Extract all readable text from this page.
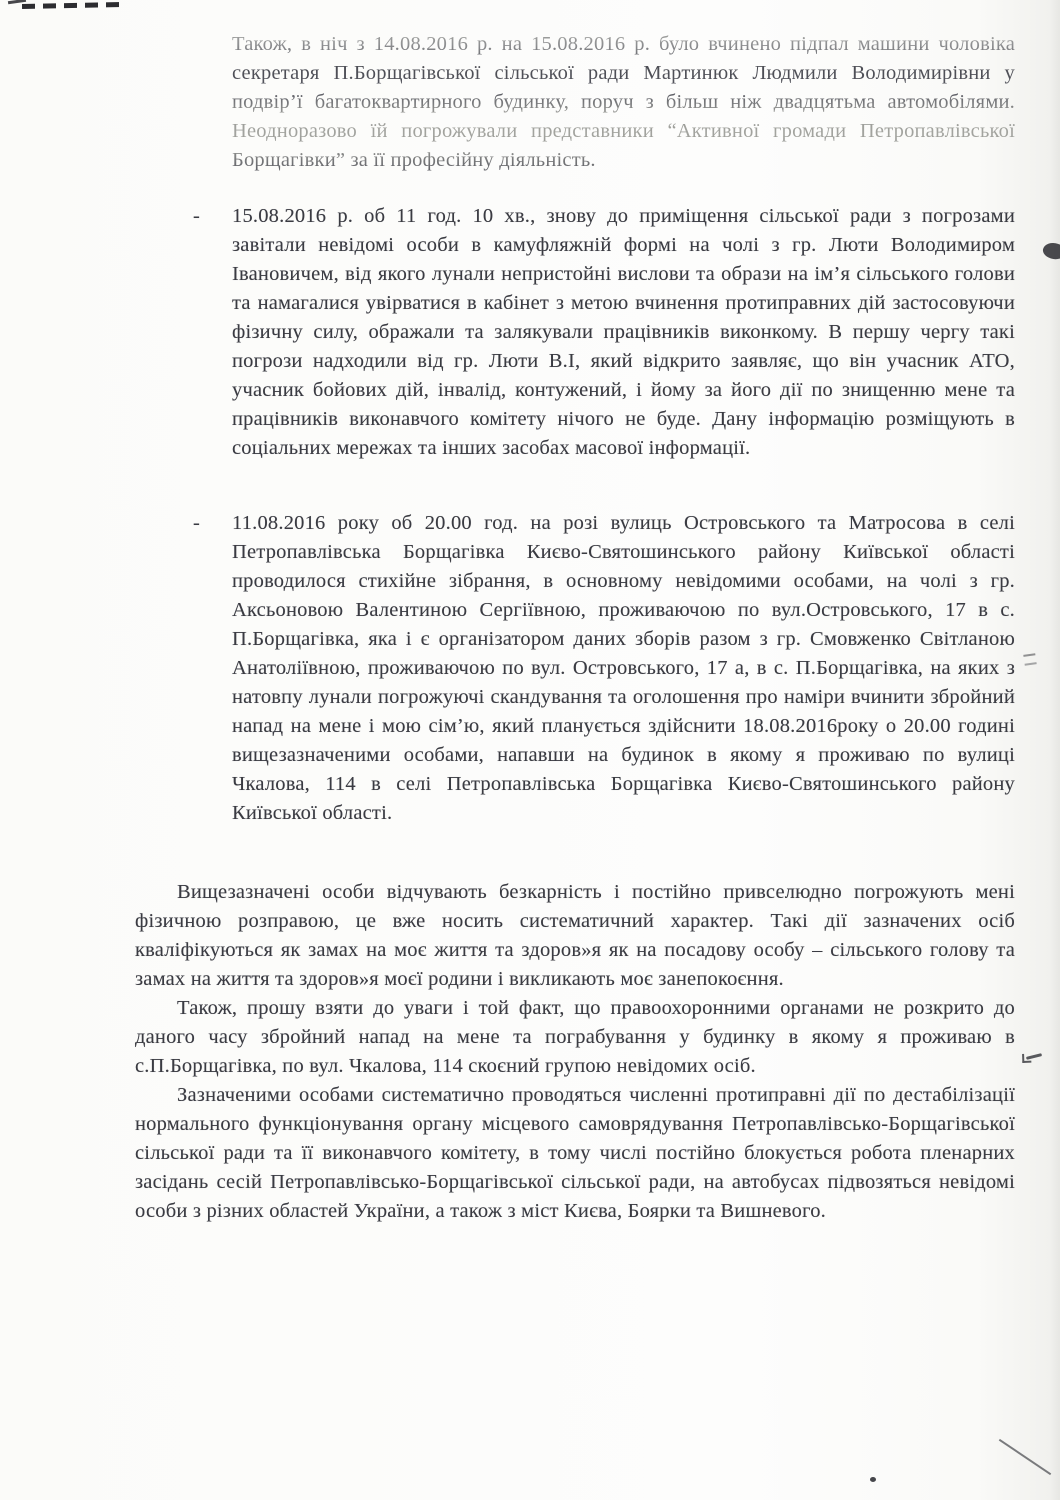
- Також, в ніч з 14.08.2016 р. на 15.08.2016 р. було вчинено підпал машини чоловіка секретаря П.Борщагівської сільської ради Мартинюк Людмили Володимирівни у подвір’ї багатоквартирного будинку, поруч з більш ніж двадцятьма автомобілями. Неодноразово їй погрожували представники “Активної громади Петропавлівської Борщагівки” за її професійну діяльність.
- 15.08.2016 р. об 11 год. 10 хв., знову до приміщення сільської ради з погрозами завітали невідомі особи в камуфляжній формі на чолі з гр. Люти Володимиром Івановичем, від якого лунали непристойні вислови та образи на ім’я сільського голови та намагалися увірватися в кабінет з метою вчинення протиправних дій застосовуючи фізичну силу, ображали та залякували працівників виконкому. В першу чергу такі погрози надходили від гр. Люти В.І, який відкрито заявляє, що він учасник АТО, учасник бойових дій, інвалід, контужений, і йому за його дії по знищенню мене та працівників виконавчого комітету нічого не буде. Дану інформацію розміщують в соціальних мережах та інших засобах масової інформації.
- 11.08.2016 року об 20.00 год. на розі вулиць Островського та Матросова в селі Петропавлівська Борщагівка Києво-Святошинського району Київської області проводилося стихійне зібрання, в основному невідомими особами, на чолі з гр. Аксьоновою Валентиною Сергіївною, проживаючою по вул.Островського, 17 в с. П.Борщагівка, яка і є організатором даних зборів разом з гр. Смовженко Світланою Анатоліївною, проживаючою по вул. Островського, 17 а, в с. П.Борщагівка, на яких з натовпу лунали погрожуючі скандування та оголошення про наміри вчинити збройний напад на мене і мою сім’ю, який планується здійснити 18.08.2016року о 20.00 годині вищезазначеними особами, напавши на будинок в якому я проживаю по вулиці Чкалова, 114 в селі Петропавлівська Борщагівка Києво-Святошинського району Київської області.
Вищезазначені особи відчувають безкарність і постійно привселюдно погрожують мені фізичною розправою, це вже носить систематичний характер. Такі дії зазначених осіб кваліфікуються як замах на моє життя та здоров»я як на посадову особу – сільського голову та замах на життя та здоров»я моєї родини і викликають моє занепокоєння.
Також, прошу взяти до уваги і той факт, що правоохоронними органами не розкрито до даного часу збройний напад на мене та пограбування у будинку в якому я проживаю в с.П.Борщагівка, по вул. Чкалова, 114 скоєний групою невідомих осіб.
Зазначеними особами систематично проводяться численні протиправні дії по дестабілізації нормального функціонування органу місцевого самоврядування Петропавлівсько-Борщагівської сільської ради та її виконавчого комітету, в тому числі постійно блокується робота пленарних засідань сесій Петропавлівсько-Борщагівської сільської ради, на автобусах підвозяться невідомі особи з різних областей України, а також з міст Києва, Боярки та Вишневого.
